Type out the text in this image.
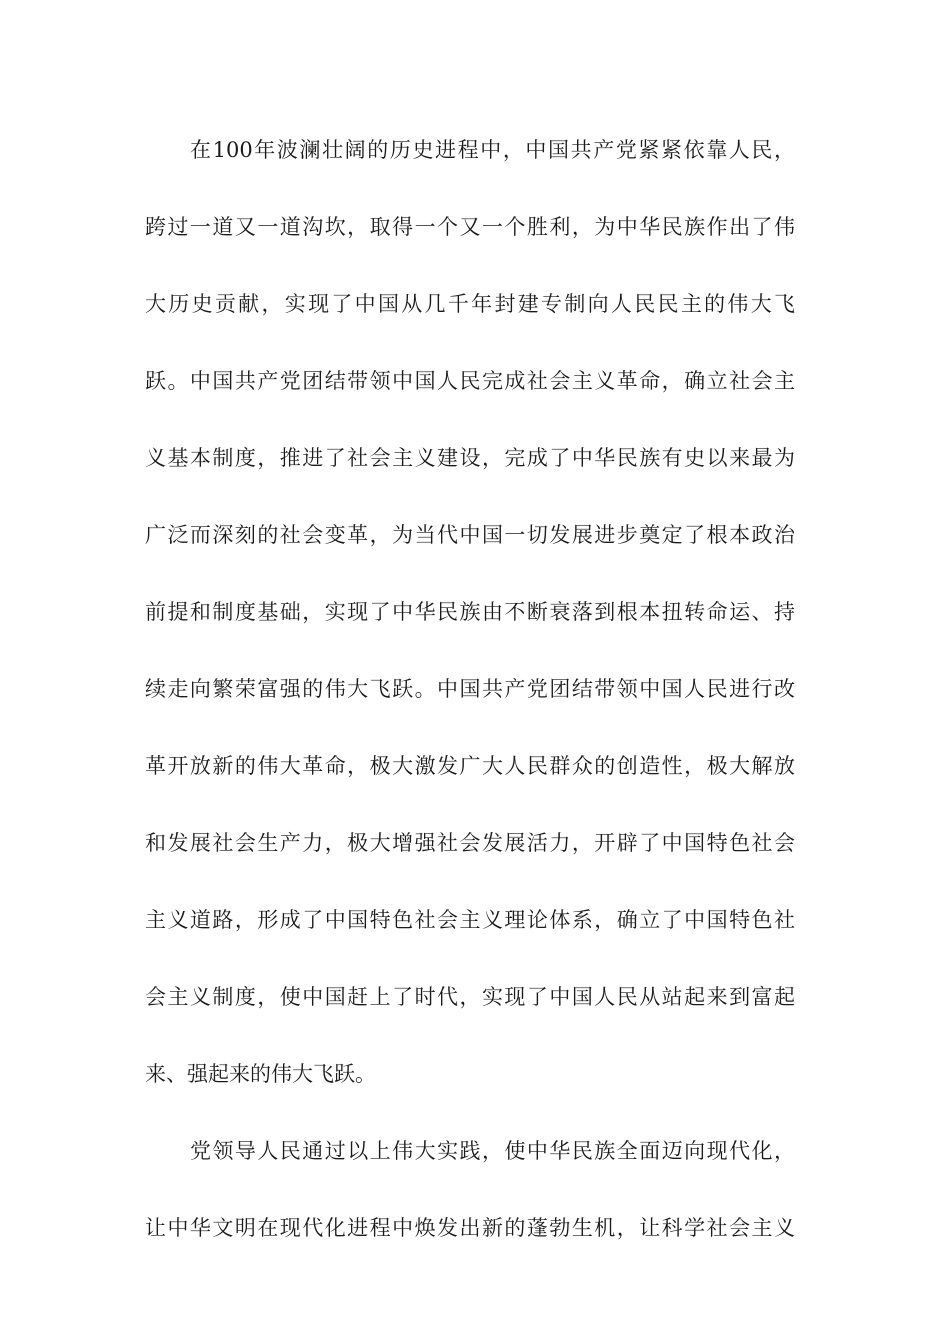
在100年波澜壮阔的历史进程中，中国共产党紧紧依靠人民，
跨过一道又一道沟坎，取得一个又一个胜利，为中华民族作出了伟
大历史贡献，实现了中国从几千年封建专制向人民民主的伟大飞
跃。中国共产党团结带领中国人民完成社会主义革命，确立社会主
义基本制度，推进了社会主义建设，完成了中华民族有史以来最为
广泛而深刻的社会变革，为当代中国一切发展进步奠定了根本政治
前提和制度基础，实现了中华民族由不断衰落到根本扭转命运、持
续走向繁荣富强的伟大飞跃。中国共产党团结带领中国人民进行改
革开放新的伟大革命，极大激发广大人民群众的创造性，极大解放
和发展社会生产力，极大增强社会发展活力，开辟了中国特色社会
主义道路，形成了中国特色社会主义理论体系，确立了中国特色社
会主义制度，使中国赶上了时代，实现了中国人民从站起来到富起
来、强起来的伟大飞跃。
党领导人民通过以上伟大实践，使中华民族全面迈向现代化，
让中华文明在现代化进程中焕发出新的蓬勃生机，让科学社会主义
